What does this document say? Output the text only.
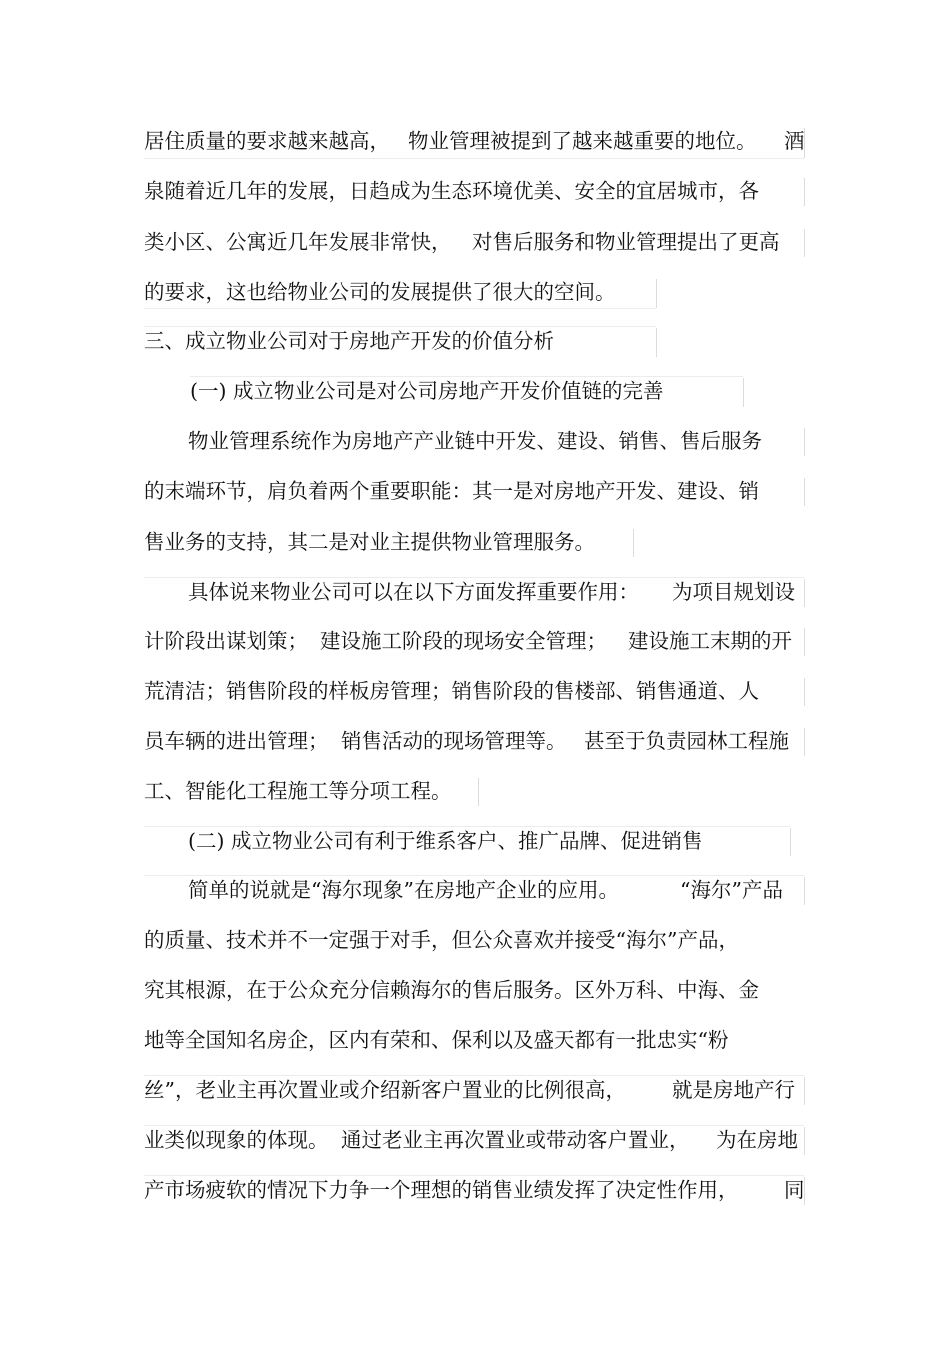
居住质量的要求越来越高， 物业管理被提到了越来越重要的地位。 酒
泉随着近几年的发展，日趋成为生态环境优美、安全的宜居城市，各
类小区、公寓近几年发展非常快， 对售后服务和物业管理提出了更高
的要求，这也给物业公司的发展提供了很大的空间。
三、成立物业公司对于房地产开发的价值分析
(一) 成立物业公司是对公司房地产开发价值链的完善
物业管理系统作为房地产产业链中开发、建设、销售、售后服务
的末端环节，肩负着两个重要职能：其一是对房地产开发、建设、销
售业务的支持，其二是对业主提供物业管理服务。
具体说来物业公司可以在以下方面发挥重要作用： 为项目规划设
计阶段出谋划策； 建设施工阶段的现场安全管理； 建设施工末期的开
荒清洁；销售阶段的样板房管理；销售阶段的售楼部、销售通道、人
员车辆的进出管理； 销售活动的现场管理等。 甚至于负责园林工程施
工、智能化工程施工等分项工程。
(二) 成立物业公司有利于维系客户、推广品牌、促进销售
简单的说就是“海尔现象”在房地产企业的应用。	“海尔”产品
的质量、技术并不一定强于对手，但公众喜欢并接受“海尔”产品，
究其根源，在于公众充分信赖海尔的售后服务。区外万科、中海、金
地等全国知名房企，区内有荣和、保利以及盛天都有一批忠实“粉
丝”，老业主再次置业或介绍新客户置业的比例很高， 就是房地产行
业类似现象的体现。 通过老业主再次置业或带动客户置业， 为在房地
产市场疲软的情况下力争一个理想的销售业绩发挥了决定性作用， 同
